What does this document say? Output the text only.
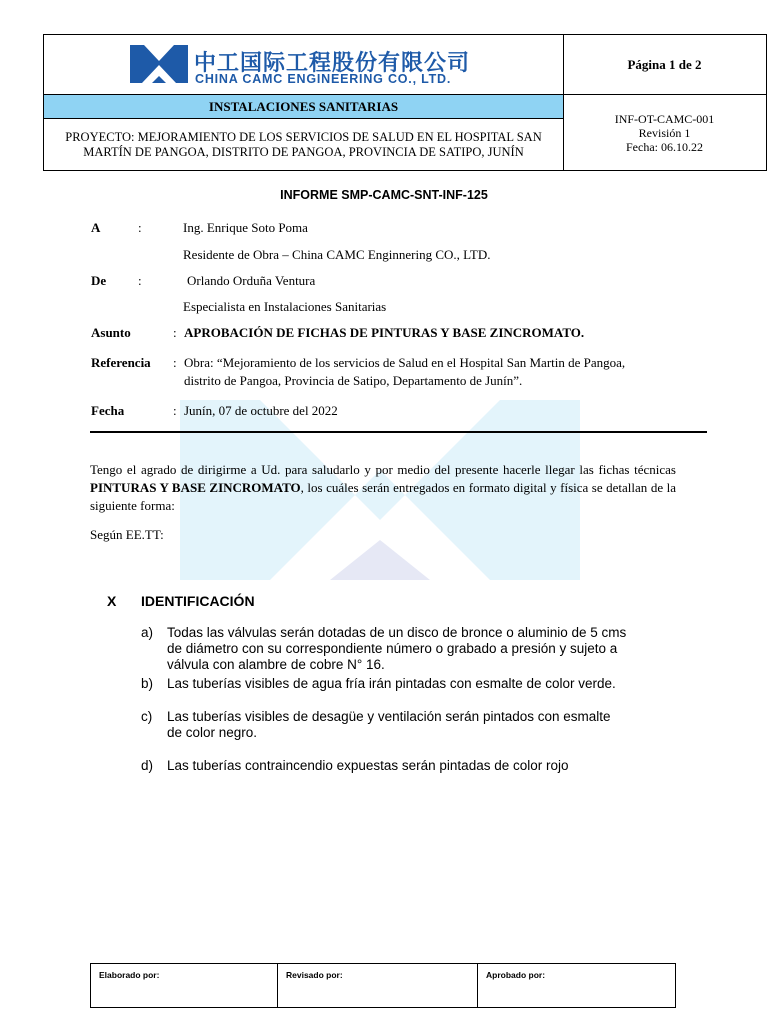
中工国际工程股份有限公司
CHINA CAMC ENGINEERING CO., LTD.
Página 1 de 2
INSTALACIONES SANITARIAS
PROYECTO: MEJORAMIENTO DE LOS SERVICIOS DE SALUD EN EL HOSPITAL SAN MARTÍN DE PANGOA, DISTRITO DE PANGOA, PROVINCIA DE SATIPO, JUNÍN
INF-OT-CAMC-001
Revisión 1
Fecha: 06.10.22
INFORME SMP-CAMC-SNT-INF-125
A	:	Ing. Enrique Soto Poma
Residente de Obra – China CAMC Enginnering CO., LTD.
De :	Orlando Orduña Ventura
Especialista en Instalaciones Sanitarias
Asunto	: APROBACIÓN DE FICHAS DE PINTURAS Y BASE ZINCROMATO.
Referencia : Obra: “Mejoramiento de los servicios de Salud en el Hospital San Martin de Pangoa,
distrito de Pangoa, Provincia de Satipo, Departamento de Junín”.
Fecha	: Junín, 07 de octubre del 2022
Tengo el agrado de dirigirme a Ud. para saludarlo y por medio del presente hacerle llegar las fichas técnicas PINTURAS Y BASE ZINCROMATO, los cuáles serán entregados en formato digital y física se detallan de la siguiente forma:
Según EE.TT:
X IDENTIFICACIÓN
a) Todas las válvulas serán dotadas de un disco de bronce o aluminio de 5 cms
de diámetro con su correspondiente número o grabado a presión y sujeto a
válvula con alambre de cobre N° 16.
b) Las tuberías visibles de agua fría irán pintadas con esmalte de color verde.
c) Las tuberías visibles de desagüe y ventilación serán pintados con esmalte
de color negro.
d) Las tuberías contraincendio expuestas serán pintadas de color rojo
Elaborado por:	Revisado por:	Aprobado por:
